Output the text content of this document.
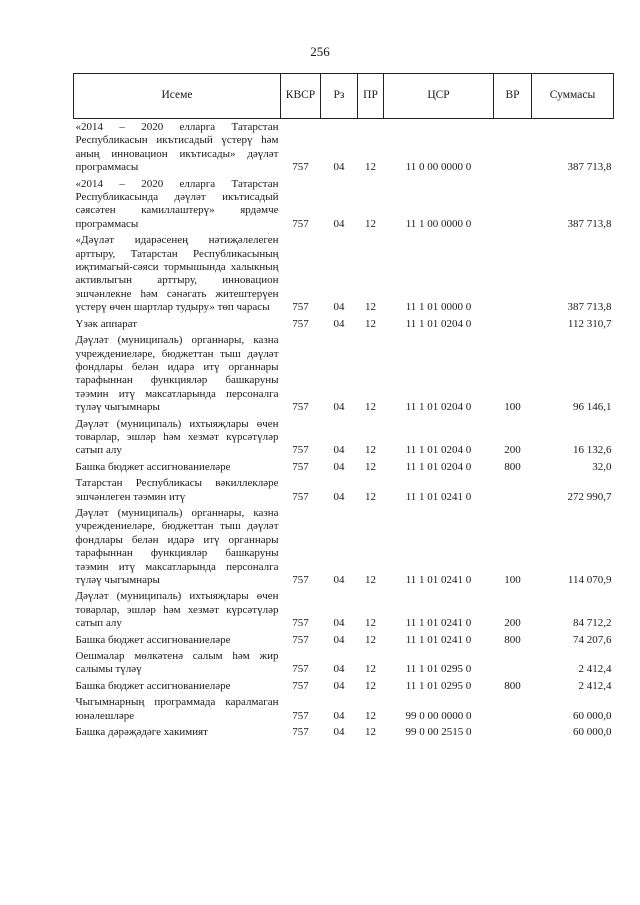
256
Исеме	КВСР	Рз	ПР	ЦСР	ВР	Суммасы
«2014 – 2020 елларга Татарстан Республикасын икътисадый үстерү һәм аның инновацион икътисады» дәүләт программасы	757	04	12	11 0 00 0000 0		387 713,8
«2014 – 2020 елларга Татарстан Республикасында дәүләт икътисадый сәясәтен камиллаштерү» ярдәмче программасы	757	04	12	11 1 00 0000 0		387 713,8
«Дәүләт идарәсенең нәтиҗәлелеген арттыру, Татарстан Республикасының иҗтимагый-сәяси тормышында халыкның активлыгын арттыру, инновацион эшчәнлекне һәм сәнәгать житештерүен үстерү өчен шартлар тудыру» төп чарасы	757	04	12	11 1 01 0000 0		387 713,8
Үзәк аппарат	757	04	12	11 1 01 0204 0		112 310,7
Дәүләт (муниципаль) органнары, казна учреждениеләре, бюджеттан тыш дәүләт фондлары белән идарә итү органнары тарафыннан функцияләр башкаруны тәэмин итү максатларында персоналга түләү чыгымнары	757	04	12	11 1 01 0204 0	100	96 146,1
Дәүләт (муниципаль) ихтыяҗлары өчен товарлар, эшләр һәм хезмәт күрсәтүләр сатып алу	757	04	12	11 1 01 0204 0	200	16 132,6
Башка бюджет ассигнованиеләре	757	04	12	11 1 01 0204 0	800	32,0
Татарстан Республикасы вәкиллекләре эшчәнлеген тәэмин итү	757	04	12	11 1 01 0241 0		272 990,7
Дәүләт (муниципаль) органнары, казна учреждениеләре, бюджеттан тыш дәүләт фондлары белән идарә итү органнары тарафыннан функцияләр башкаруны тәэмин итү максатларында персоналга түләү чыгымнары	757	04	12	11 1 01 0241 0	100	114 070,9
Дәүләт (муниципаль) ихтыяҗлары өчен товарлар, эшләр һәм хезмәт күрсәтүләр сатып алу	757	04	12	11 1 01 0241 0	200	84 712,2
Башка бюджет ассигнованиеләре	757	04	12	11 1 01 0241 0	800	74 207,6
Оешмалар мөлкәтенә салым һәм жир салымы түләү	757	04	12	11 1 01 0295 0		2 412,4
Башка бюджет ассигнованиеләре	757	04	12	11 1 01 0295 0	800	2 412,4
Чыгымнарның программада каралмаган юнәлешләре	757	04	12	99 0 00 0000 0		60 000,0
Башка дәрәҗәдәге хакимият	757	04	12	99 0 00 2515 0		60 000,0
